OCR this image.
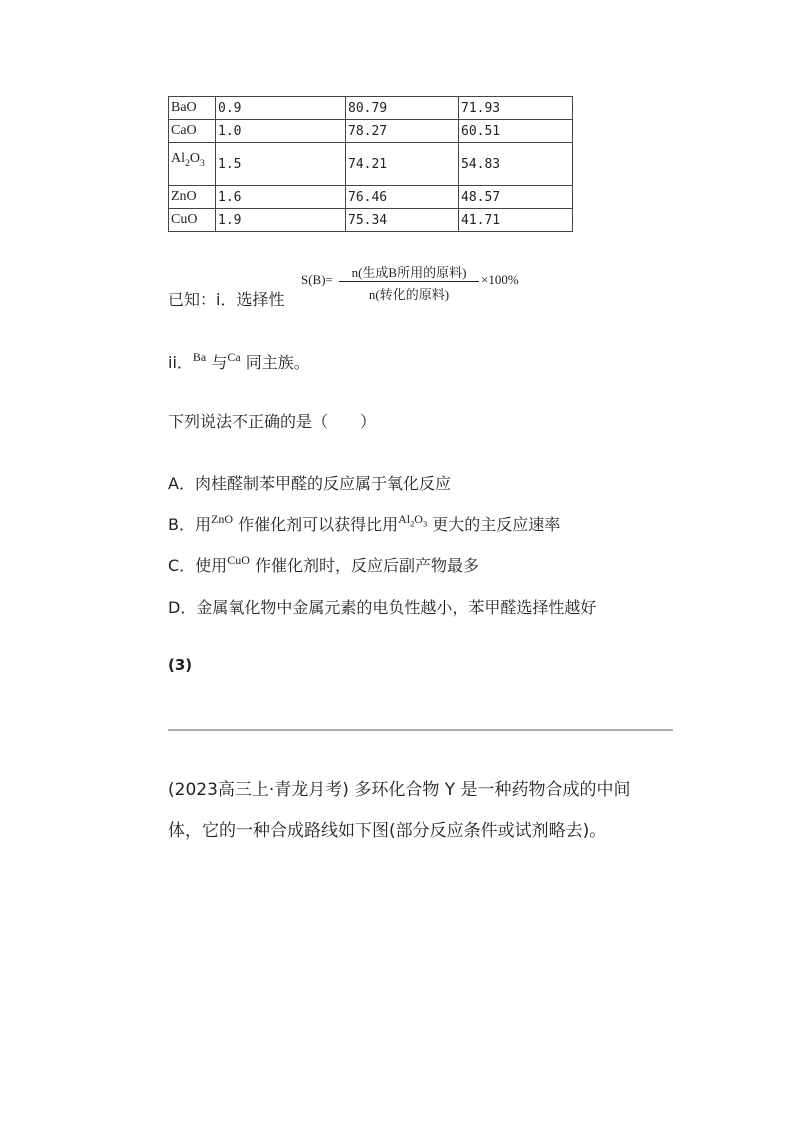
BaO	0.9	80.79	71.93
CaO	1.0	78.27	60.51
$Al_2O_3$	1.5	74.21	54.83
ZnO	1.6	76.46	48.57
CuO	1.9	75.34	41.71
已知：i．选择性
S(B)=	n(生成B所用的原料)
n(转化的原料)
×100%
ii．$^{Ba}$ 与$^{Ca}$ 同主族。
下列说法不正确的是（　　）
A．肉桂醛制苯甲醛的反应属于氧化反应
B．用$^{ZnO}$ 作催化剂可以获得比用$^{Al_2O_3}$ 更大的主反应速率
C．使用$^{CuO}$ 作催化剂时，反应后副产物最多
D．金属氧化物中金属元素的电负性越小，苯甲醛选择性越好
(3)
(2023高三上·青龙月考) 多环化合物 Y 是一种药物合成的中间
体，它的一种合成路线如下图(部分反应条件或试剂略去)。
